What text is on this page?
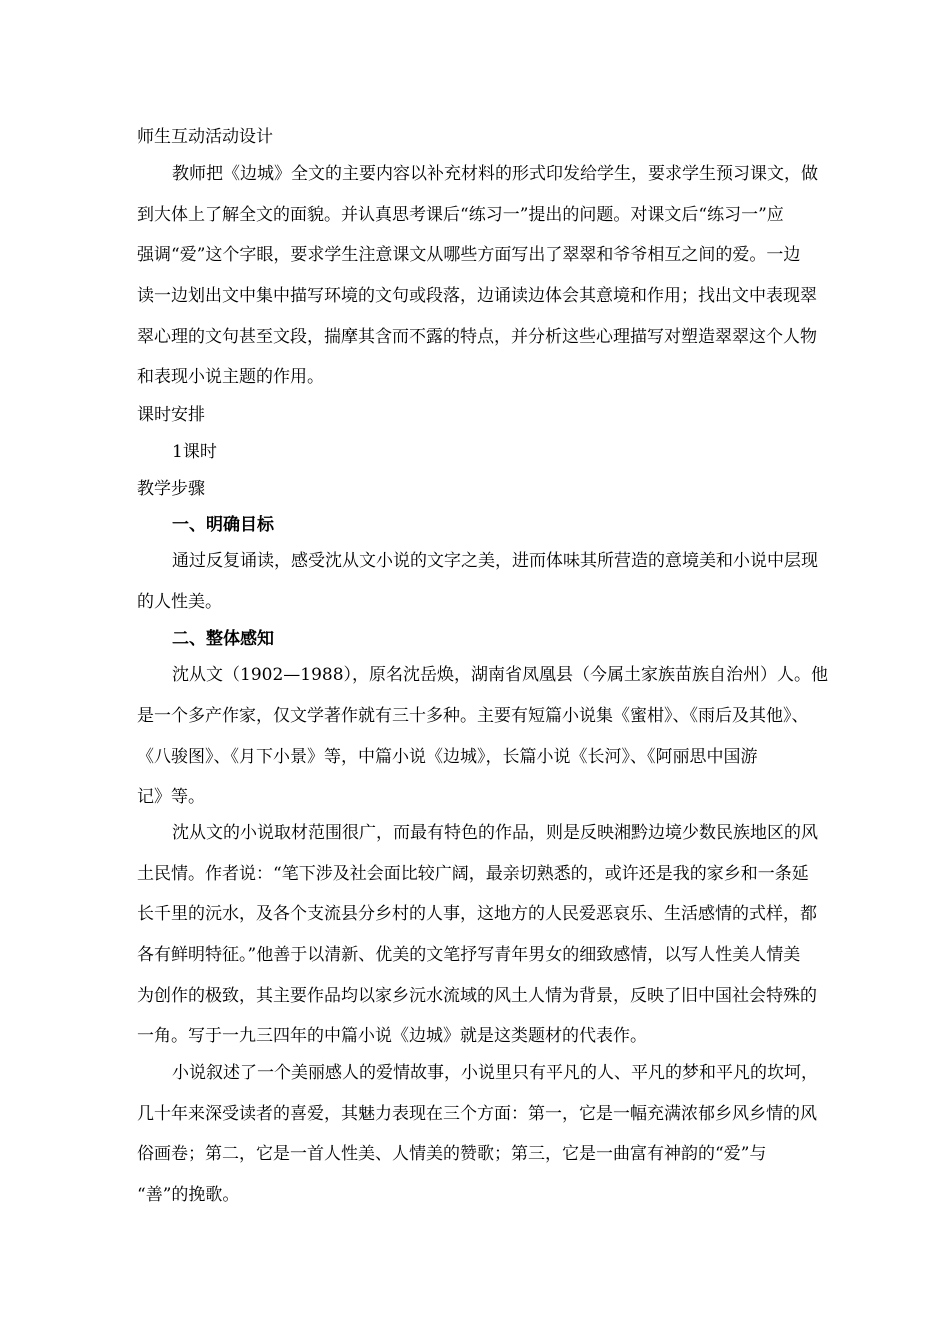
师生互动活动设计

教师把《边城》全文的主要内容以补充材料的形式印发给学生，要求学生预习课文，做

到大体上了解全文的面貌。并认真思考课后“练习一”提出的问题。对课文后“练习一”应

强调“爱”这个字眼，要求学生注意课文从哪些方面写出了翠翠和爷爷相互之间的爱。一边

读一边划出文中集中描写环境的文句或段落，边诵读边体会其意境和作用；找出文中表现翠

翠心理的文句甚至文段，揣摩其含而不露的特点，并分析这些心理描写对塑造翠翠这个人物

和表现小说主题的作用。

课时安排

1课时

教学步骤

一、明确目标

通过反复诵读，感受沈从文小说的文字之美，进而体味其所营造的意境美和小说中层现

的人性美。

二、整体感知

沈从文（1902—1988），原名沈岳焕，湖南省凤凰县（今属土家族苗族自治州）人。他

是一个多产作家，仅文学著作就有三十多种。主要有短篇小说集《蜜柑》、《雨后及其他》、

《八骏图》、《月下小景》等，中篇小说《边城》，长篇小说《长河》、《阿丽思中国游

记》等。

沈从文的小说取材范围很广，而最有特色的作品，则是反映湘黔边境少数民族地区的风

土民情。作者说：“笔下涉及社会面比较广阔，最亲切熟悉的，或许还是我的家乡和一条延

长千里的沅水，及各个支流县分乡村的人事，这地方的人民爱恶哀乐、生活感情的式样，都

各有鲜明特征。”他善于以清新、优美的文笔抒写青年男女的细致感情，以写人性美人情美

为创作的极致，其主要作品均以家乡沅水流域的风土人情为背景，反映了旧中国社会特殊的

一角。写于一九三四年的中篇小说《边城》就是这类题材的代表作。

小说叙述了一个美丽感人的爱情故事，小说里只有平凡的人、平凡的梦和平凡的坎坷，

几十年来深受读者的喜爱，其魅力表现在三个方面：第一，它是一幅充满浓郁乡风乡情的风

俗画卷；第二，它是一首人性美、人情美的赞歌；第三，它是一曲富有神韵的“爱”与

“善”的挽歌。
